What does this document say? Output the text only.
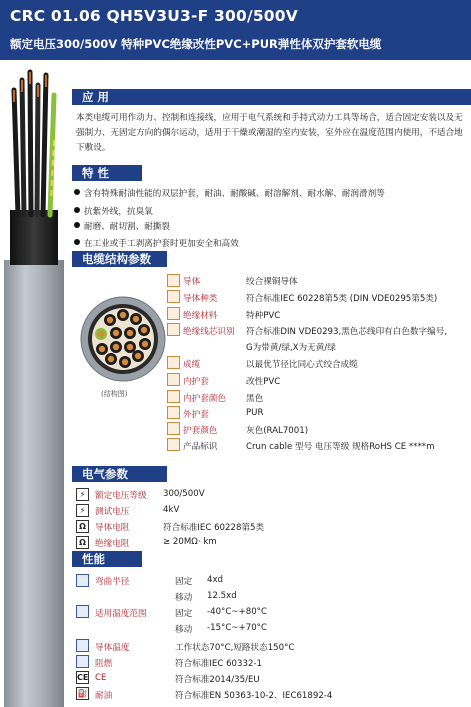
CRC 01.06 QH5V3U3-F 300/500V
额定电压300/500V 特种PVC绝缘改性PVC+PUR弹性体双护套软电缆
应 用
本类电缆可用作动力、控制和连接线，应用于电气系统和手持式动力工具等场合，适合固定安装以及无强制力、无固定方向的偶尔运动，适用于干燥或潮湿的室内安装，室外应在温度范围内使用，不适合地下敷设。
特 性
含有特殊耐油性能的双层护套，耐油、耐酸碱、耐溶解剂、耐水解、耐润滑剂等
抗紫外线，抗臭氧
耐磨、耐切割、耐撕裂
在工业或手工剥离护套时更加安全和高效
电缆结构参数
(结构图)
导体	绞合裸铜导体
导体种类	符合标准IEC 60228第5类 (DIN VDE0295第5类)
绝缘材料	特种PVC
绝缘线芯识别 符合标准DIN VDE0293,黑色芯线印有白色数字编号,
G为带黄/绿,X为无黄/绿
成缆	以最优节径比同心式绞合成缆
内护套	改性PVC
内护套颜色 黑色
外护套	PUR
护套颜色	灰色(RAL7001)
产品标识	Crun cable 型号 电压等级 规格RoHS CE ****m
电气参数
⚡	额定电压等级 300/500V
⚡	测试电压	4kV
Ω	导体电阻	符合标准IEC 60228第5类
Ω	绝缘电阻	≥ 20MΩ· km
性能
弯曲半径	固定 4xd
移动 12.5xd
适用温度范围	固定 -40°C~+80°C
移动 -15°C~+70°C
导体温度	工作状态70°C,短路状态150°C
阻燃	符合标准IEC 60332-1
CE CE	符合标准2014/35/EU
⛽ 耐油	符合标准EN 50363-10-2、IEC61892-4
